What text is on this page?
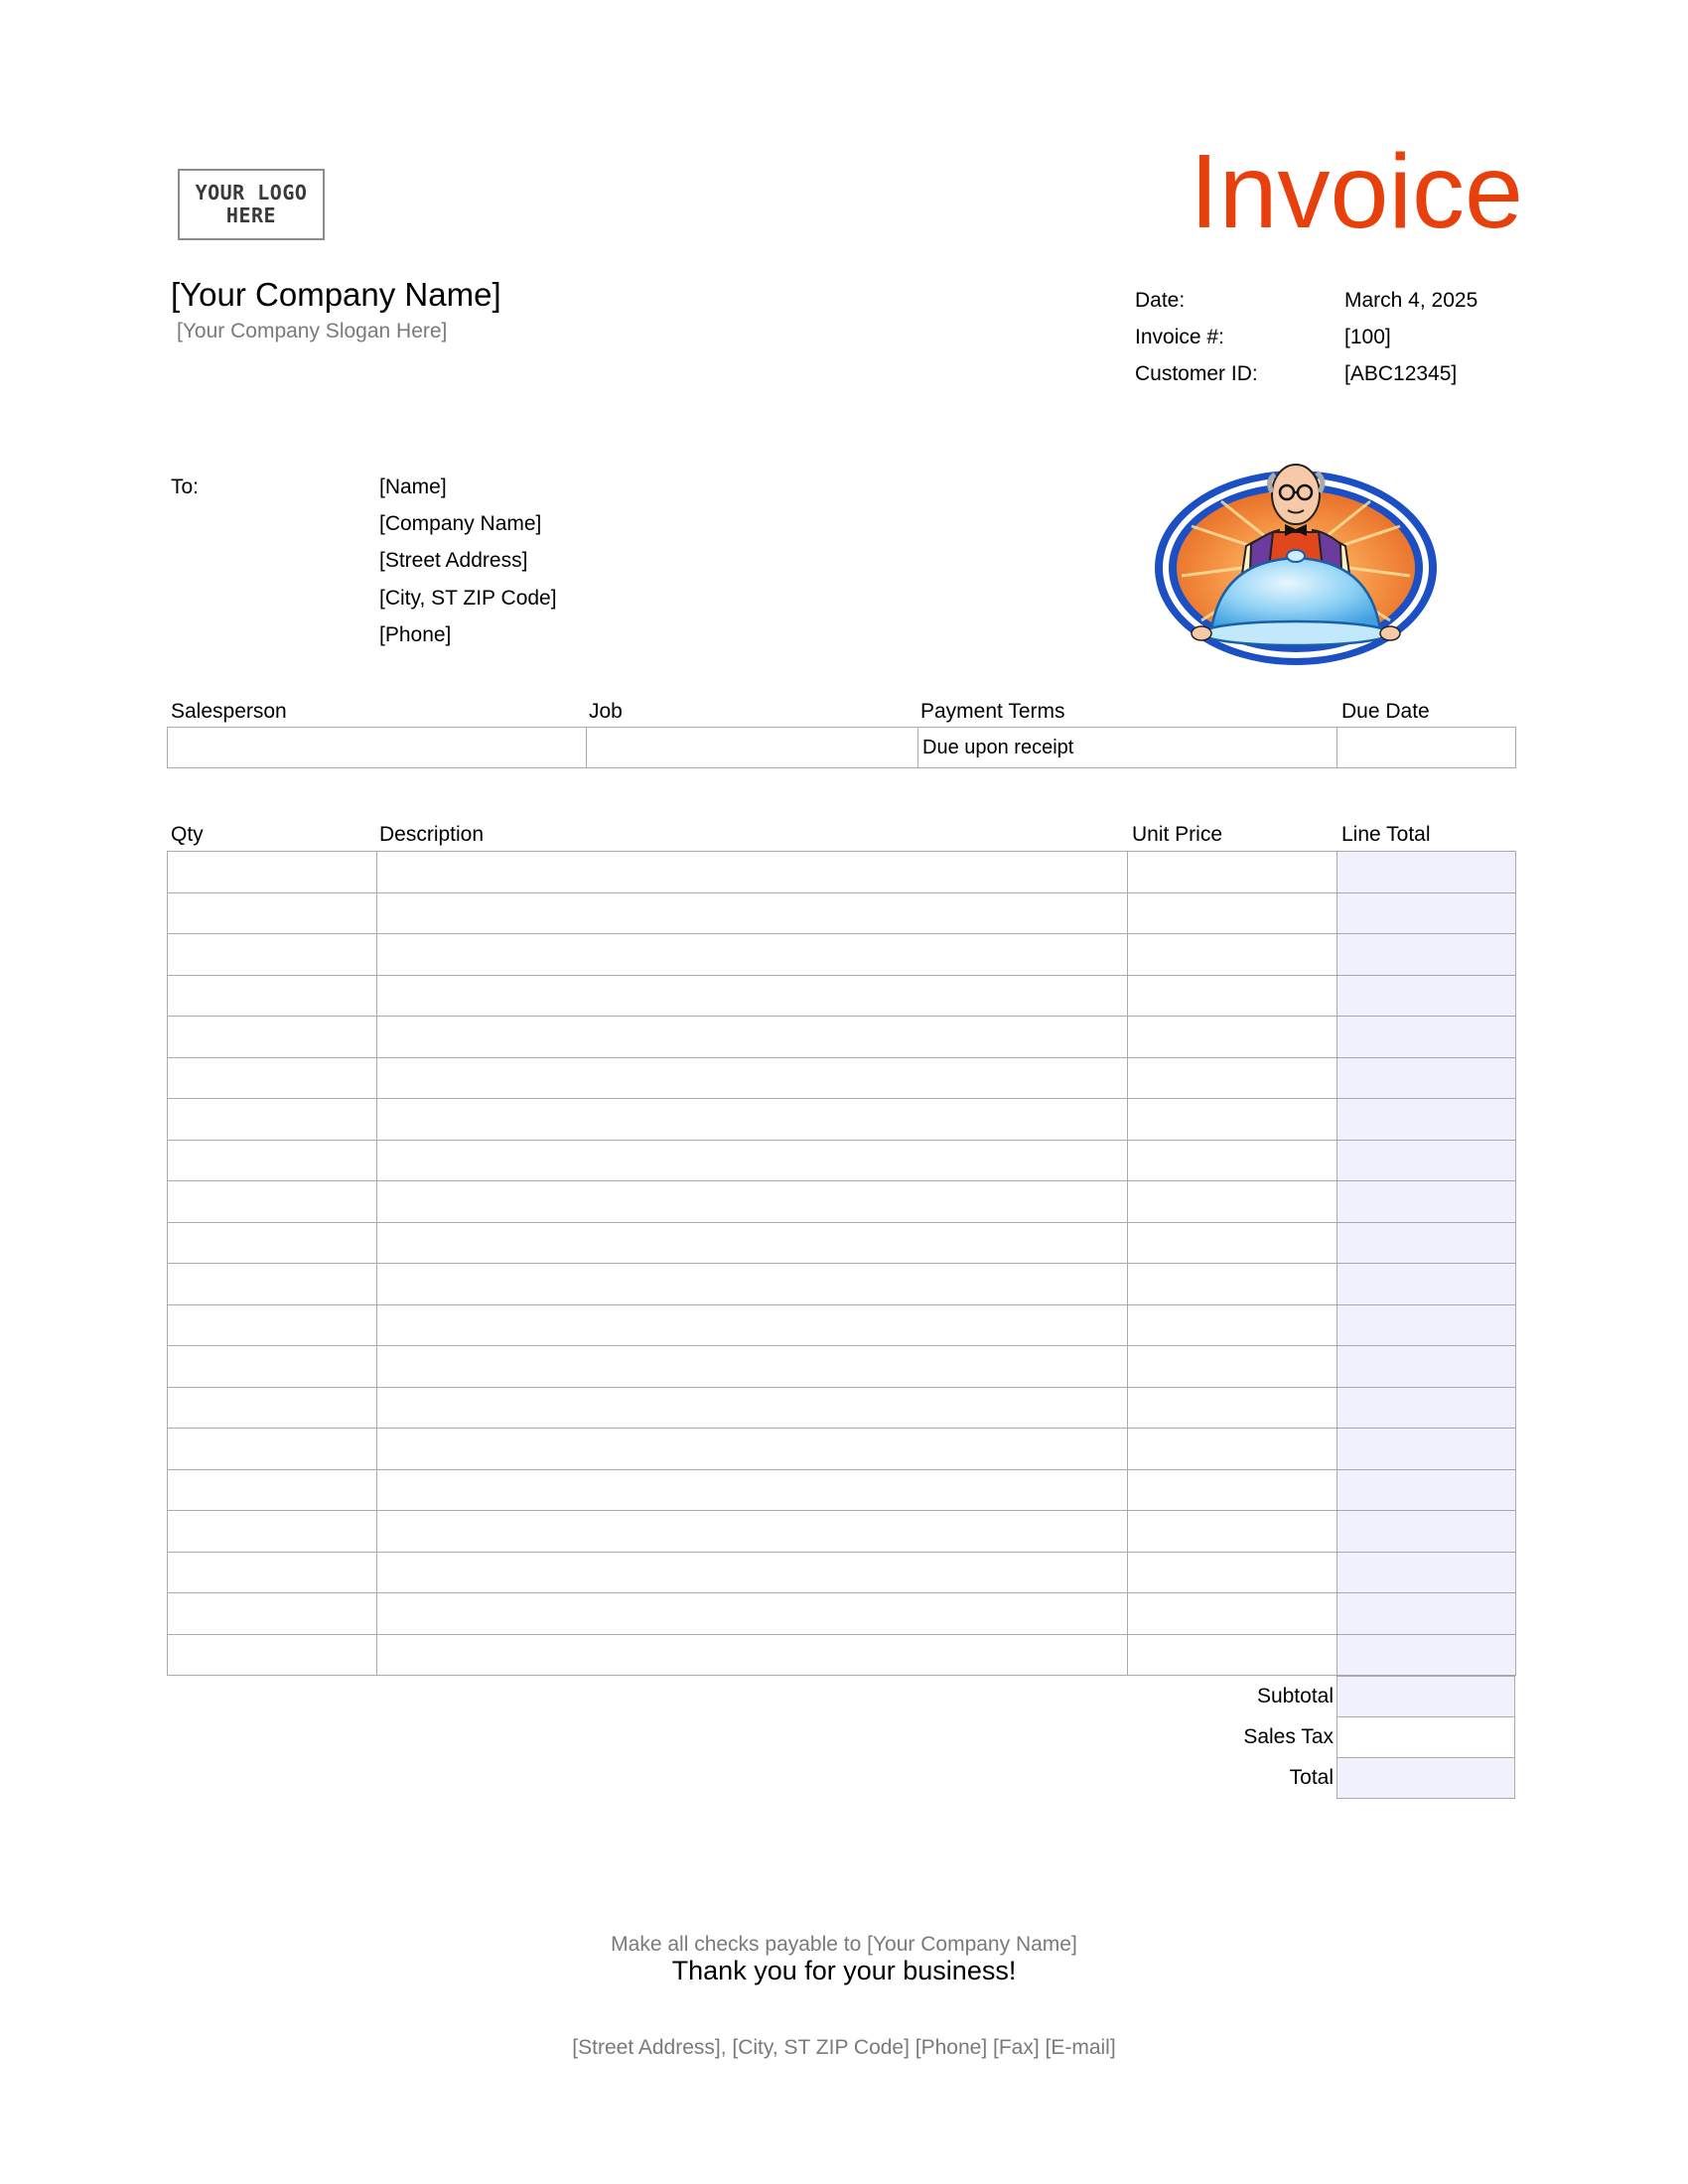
YOUR LOGO
HERE	Invoice
[Your Company Name]
[Your Company Slogan Here]
Date:	March 4, 2025
Invoice #:	[100]
Customer ID:	[ABC12345]
To:	[Name]
[Company Name]
[Street Address]
[City, ST ZIP Code]
[Phone]
Salesperson	Job	Payment Terms	Due Date
		Due upon receipt	
Qty	Description	Unit Price	Line Total

Subtotal
Sales Tax
Total

Make all checks payable to [Your Company Name]
Thank you for your business!
[Street Address], [City, ST ZIP Code] [Phone] [Fax] [E-mail]
